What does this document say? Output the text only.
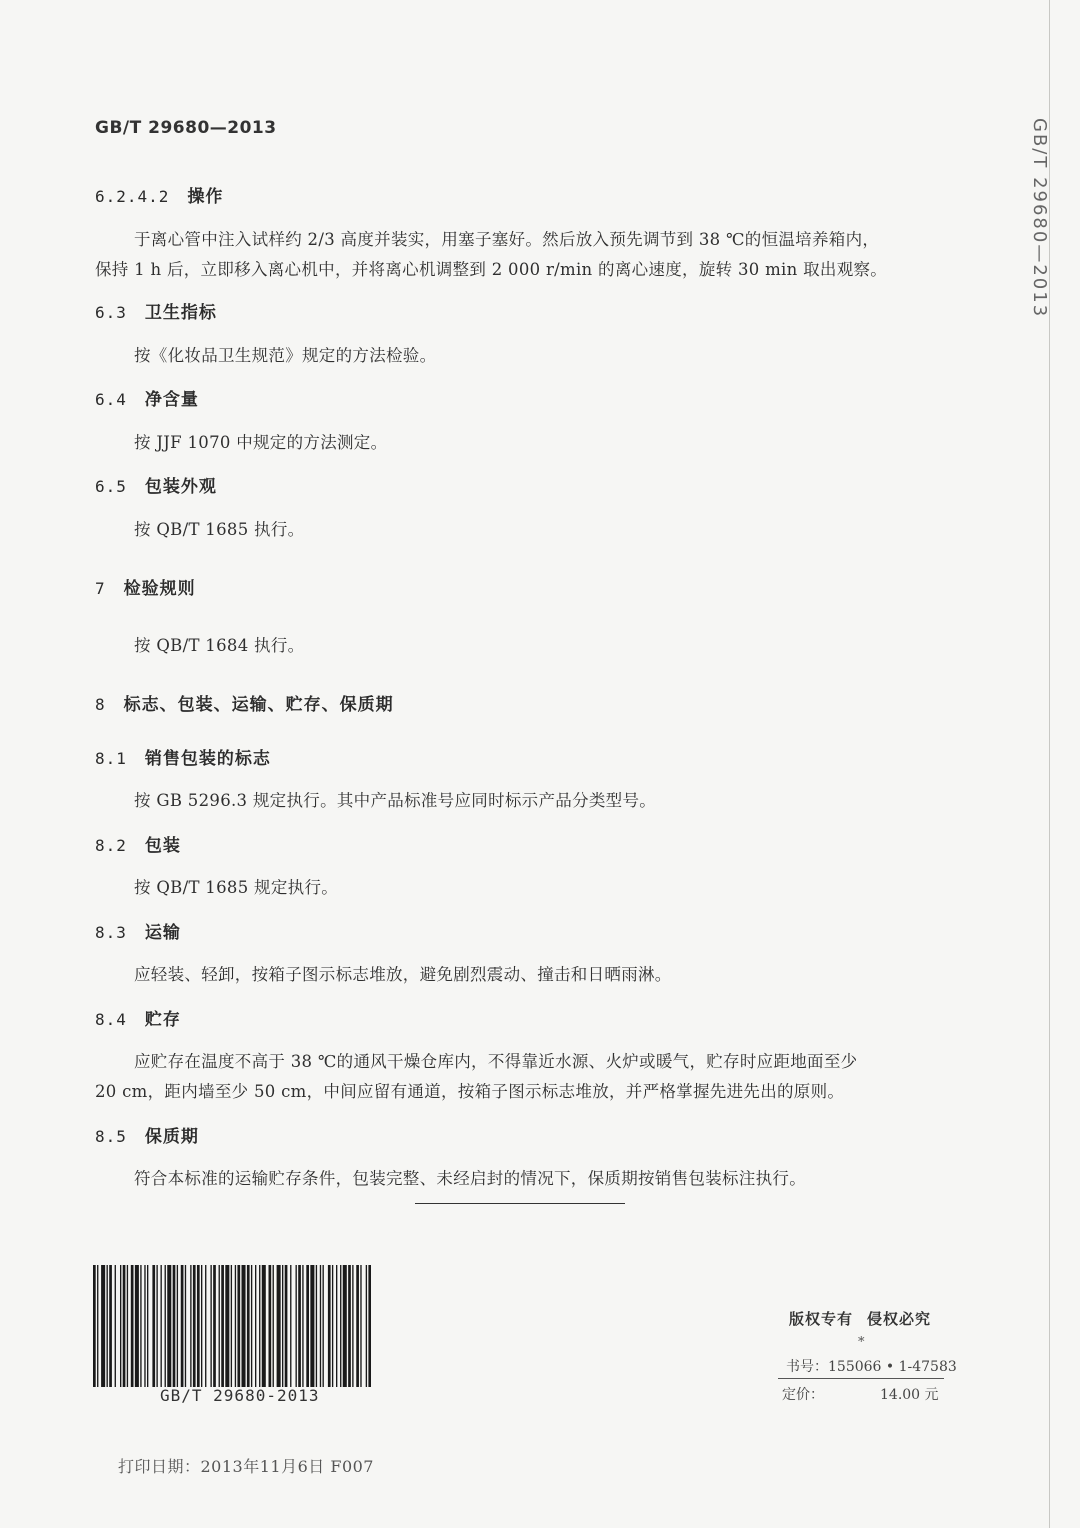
GB/T 29680—2013	GB/T 29680—2013
6.2.4.2 操作
于离心管中注入试样约 2/3 高度并装实，用塞子塞好。然后放入预先调节到 38 ℃的恒温培养箱内，
保持 1 h 后，立即移入离心机中，并将离心机调整到 2 000 r/min 的离心速度，旋转 30 min 取出观察。
6.3 卫生指标
按《化妆品卫生规范》规定的方法检验。
6.4 净含量
按 JJF 1070 中规定的方法测定。
6.5 包装外观
按 QB/T 1685 执行。
7 检验规则
按 QB/T 1684 执行。
8 标志、包装、运输、贮存、保质期
8.1 销售包装的标志
按 GB 5296.3 规定执行。其中产品标准号应同时标示产品分类型号。
8.2 包装
按 QB/T 1685 规定执行。
8.3 运输
应轻装、轻卸，按箱子图示标志堆放，避免剧烈震动、撞击和日晒雨淋。
8.4 贮存
应贮存在温度不高于 38 ℃的通风干燥仓库内，不得靠近水源、火炉或暖气，贮存时应距地面至少
20 cm，距内墙至少 50 cm，中间应留有通道，按箱子图示标志堆放，并严格掌握先进先出的原则。
8.5 保质期
符合本标准的运输贮存条件，包装完整、未经启封的情况下，保质期按销售包装标注执行。
GB/T 29680-2013
版权专有 侵权必究
*
书号：155066 • 1-47583
定价：	14.00 元
打印日期：2013年11月6日 F007
